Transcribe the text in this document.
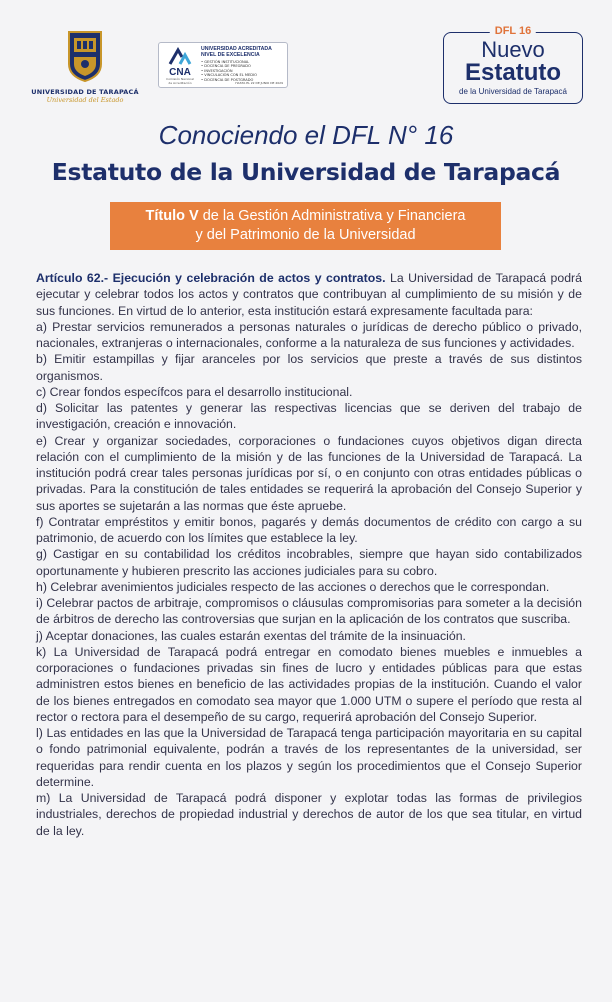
UNIVERSIDAD DE TARAPACÁ
Universidad del Estado
CNA
Comisión Nacional de Acreditación
UNIVERSIDAD ACREDITADA
NIVEL DE EXCELENCIA
• GESTIÓN INSTITUCIONAL
• DOCENCIA DE PREGRADO
• INVESTIGACIÓN
• VINCULACIÓN CON EL MEDIO
• DOCENCIA DE POSTGRADO
HASTA EL 22 DE JUNIO DE 2029
DFL 16
Nuevo
Estatuto
de la Universidad de Tarapacá
Conociendo el DFL N° 16
Estatuto de la Universidad de Tarapacá
Título V de la Gestión Administrativa y Financiera
y del Patrimonio de la Universidad

Artículo 62.- Ejecución y celebración de actos y contratos. La Universidad de Tarapacá podrá ejecutar y celebrar todos los actos y contratos que contribuyan al cumplimiento de su misión y de sus funciones. En virtud de lo anterior, esta institución estará expresamente facultada para:

a) Prestar servicios remunerados a personas naturales o jurídicas de derecho público o privado, nacionales, extranjeras o internacionales, conforme a la naturaleza de sus funciones y actividades.

b) Emitir estampillas y fijar aranceles por los servicios que preste a través de sus distintos organismos.

c) Crear fondos específcos para el desarrollo institucional.

d) Solicitar las patentes y generar las respectivas licencias que se deriven del trabajo de investigación, creación e innovación.

e) Crear y organizar sociedades, corporaciones o fundaciones cuyos objetivos digan directa relación con el cumplimiento de la misión y de las funciones de la Universidad de Tarapacá. La institución podrá crear tales personas jurídicas por sí, o en conjunto con otras entidades públicas o privadas. Para la constitución de tales entidades se requerirá la aprobación del Consejo Superior y sus aportes se sujetarán a las normas que éste apruebe.

f) Contratar empréstitos y emitir bonos, pagarés y demás documentos de crédito con cargo a su patrimonio, de acuerdo con los límites que establece la ley.

g) Castigar en su contabilidad los créditos incobrables, siempre que hayan sido contabilizados oportunamente y hubieren prescrito las acciones judiciales para su cobro.

h) Celebrar avenimientos judiciales respecto de las acciones o derechos que le correspondan.

i) Celebrar pactos de arbitraje, compromisos o cláusulas compromisorias para someter a la decisión de árbitros de derecho las controversias que surjan en la aplicación de los contratos que suscriba.

j) Aceptar donaciones, las cuales estarán exentas del trámite de la insinuación.

k) La Universidad de Tarapacá podrá entregar en comodato bienes muebles e inmuebles a corporaciones o fundaciones privadas sin fines de lucro y entidades públicas para que estas administren estos bienes en beneficio de las actividades propias de la institución. Cuando el valor de los bienes entregados en comodato sea mayor que 1.000 UTM o supere el período que resta al rector o rectora para el desempeño de su cargo, requerirá aprobación del Consejo Superior.

l) Las entidades en las que la Universidad de Tarapacá tenga participación mayoritaria en su capital o fondo patrimonial equivalente, podrán a través de los representantes de la universidad, ser requeridas para rendir cuenta en los plazos y según los procedimientos que el Consejo Superior determine.

m) La Universidad de Tarapacá podrá disponer y explotar todas las formas de privilegios industriales, derechos de propiedad industrial y derechos de autor de los que sea titular, en virtud de la ley.
